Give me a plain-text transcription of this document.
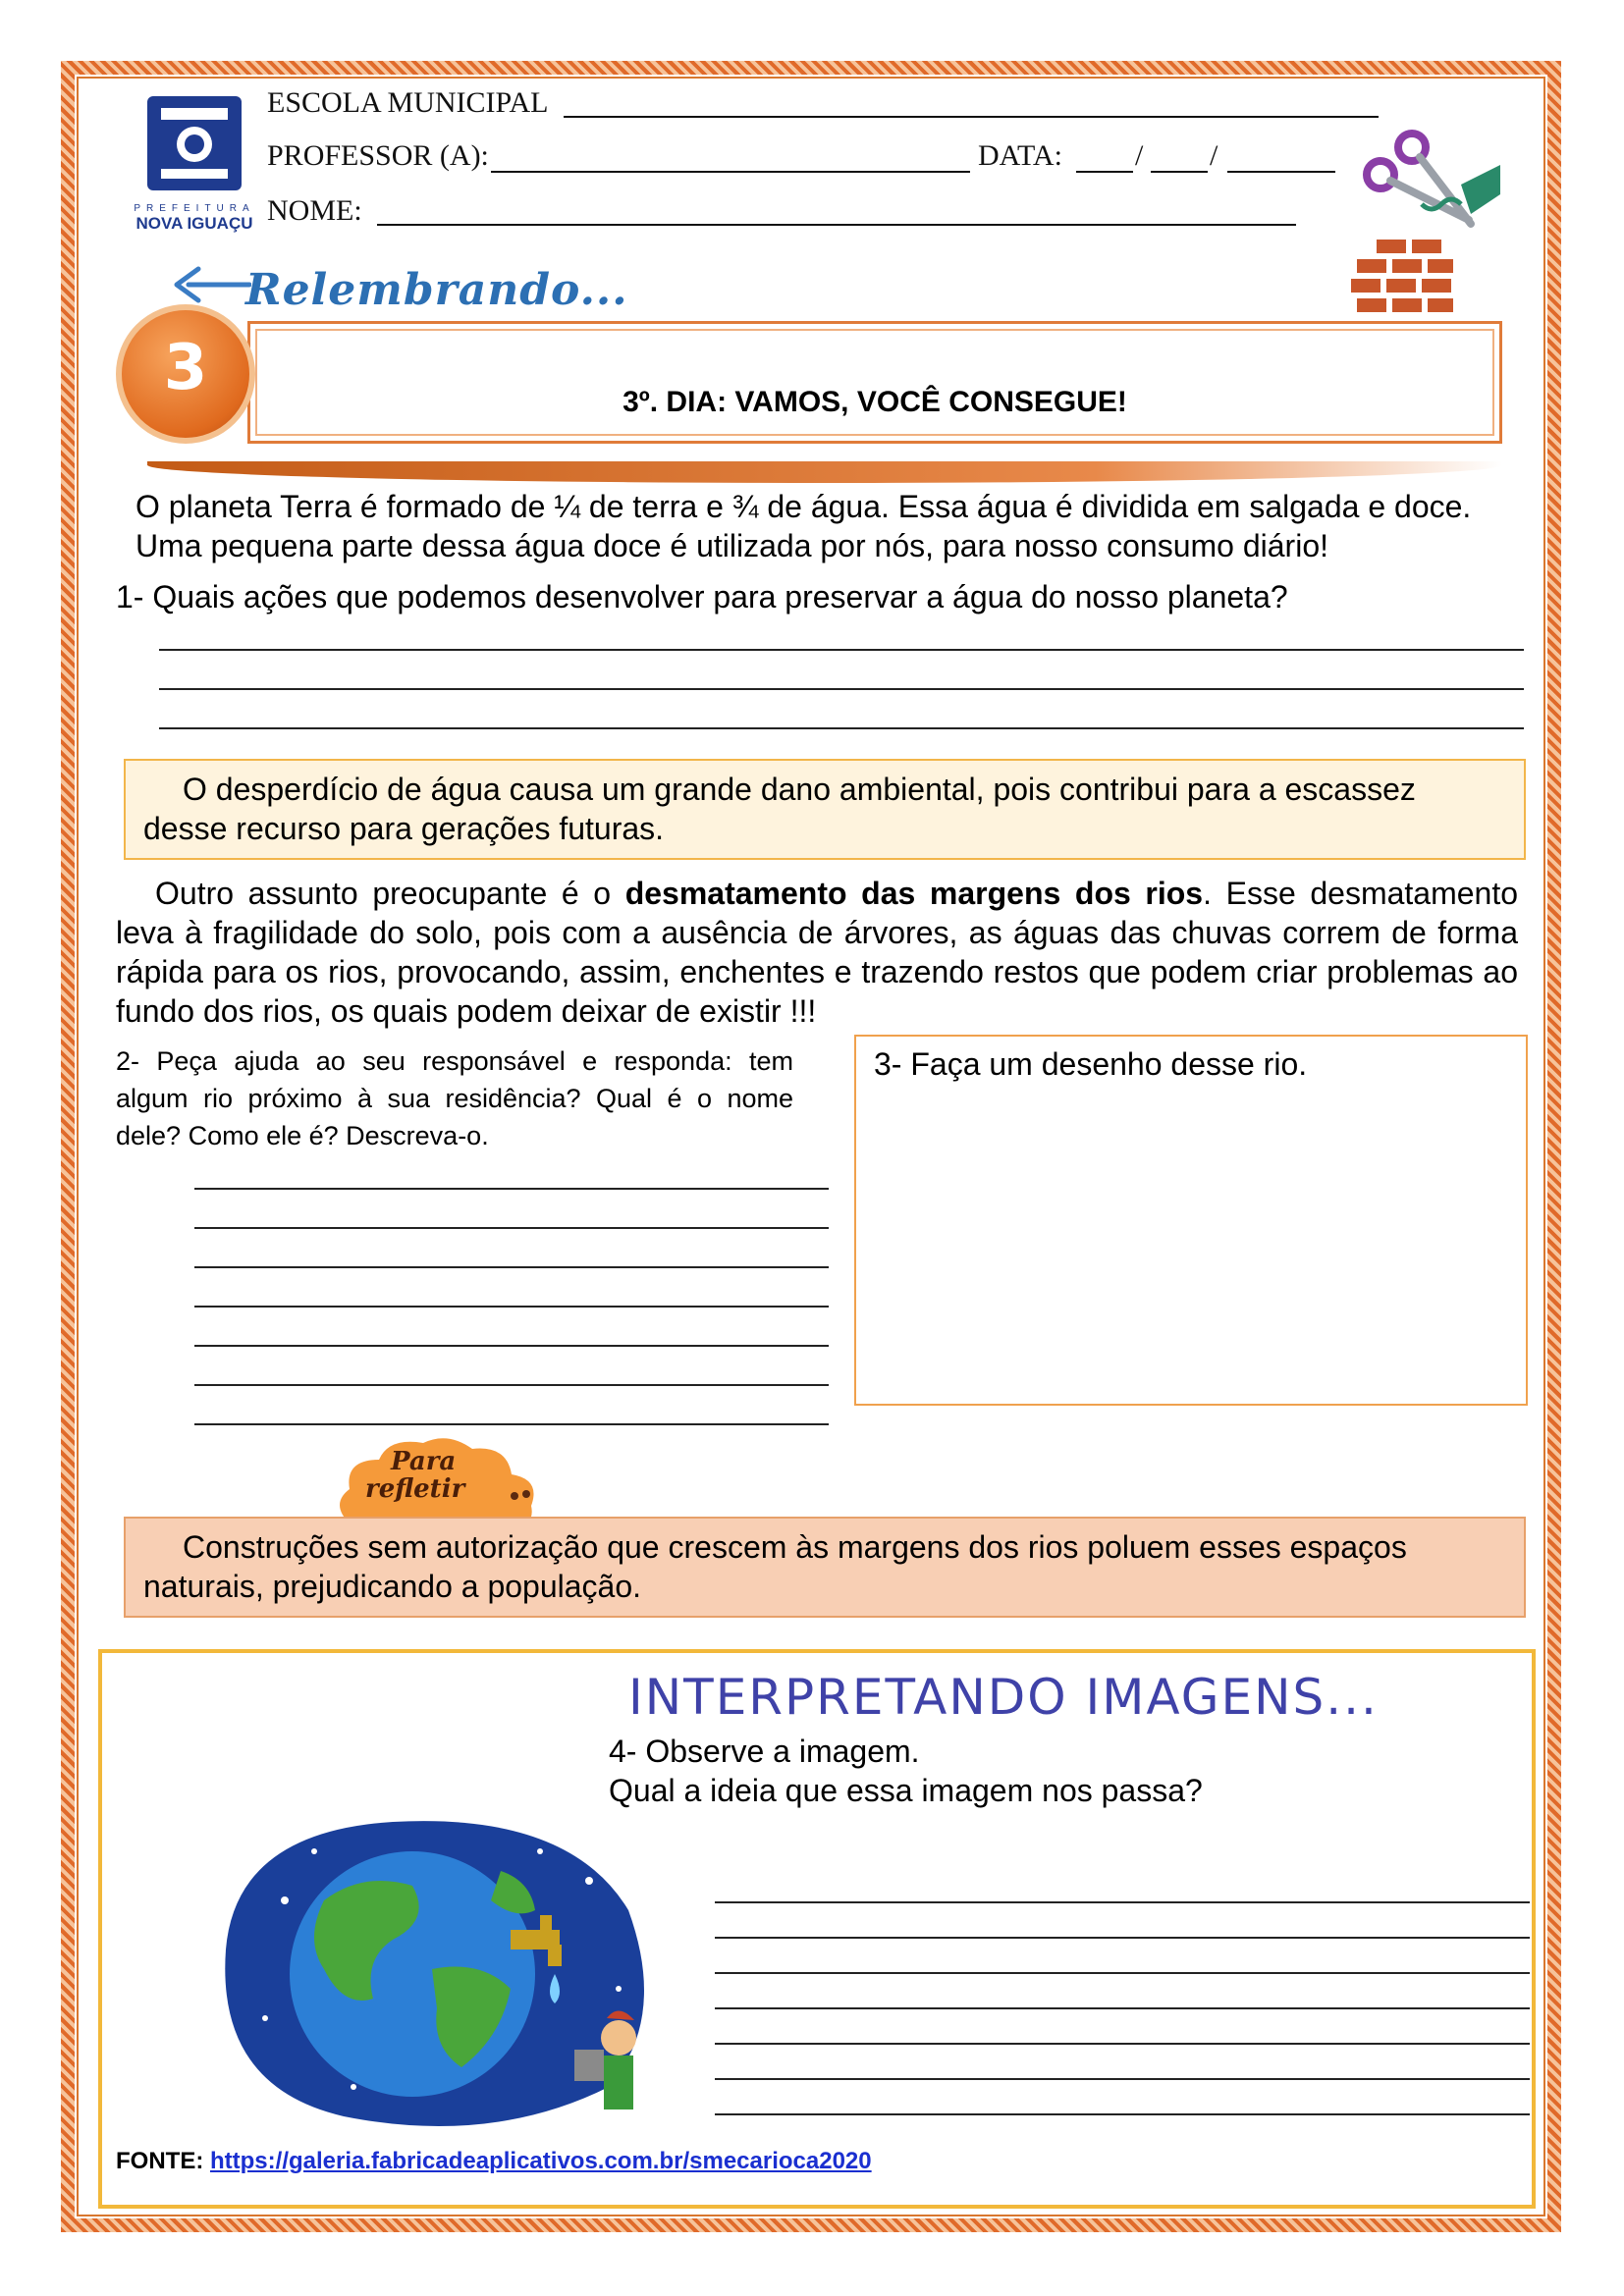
PREFEITURA
NOVA IGUAÇU
ESCOLA MUNICIPAL
PROFESSOR (A):	DATA: / /
NOME:
Relembrando...
3	3º. DIA: VAMOS, VOCÊ CONSEGUE!
O planeta Terra é formado de ¼ de terra e ¾ de água. Essa água é dividida em salgada e doce.
Uma pequena parte dessa água doce é utilizada por nós, para nosso consumo diário!
1- Quais ações que podemos desenvolver para preservar a água do nosso planeta?
O desperdício de água causa um grande dano ambiental, pois contribui para a escassez desse recurso para gerações futuras.
Outro assunto preocupante é o desmatamento das margens dos rios. Esse desmatamento leva à fragilidade do solo, pois com a ausência de árvores, as águas das chuvas correm de forma rápida para os rios, provocando, assim, enchentes e trazendo restos que podem criar problemas ao fundo dos rios, os quais podem deixar de existir !!!
2- Peça ajuda ao seu responsável e responda: tem algum rio próximo à sua residência? Qual é o nome dele? Como ele é? Descreva-o.
3- Faça um desenho desse rio.
Para
refletir
Construções sem autorização que crescem às margens dos rios poluem esses espaços naturais, prejudicando a população.
INTERPRETANDO IMAGENS...
4- Observe a imagem.
Qual a ideia que essa imagem nos passa?
FONTE: https://galeria.fabricadeaplicativos.com.br/smecarioca2020
